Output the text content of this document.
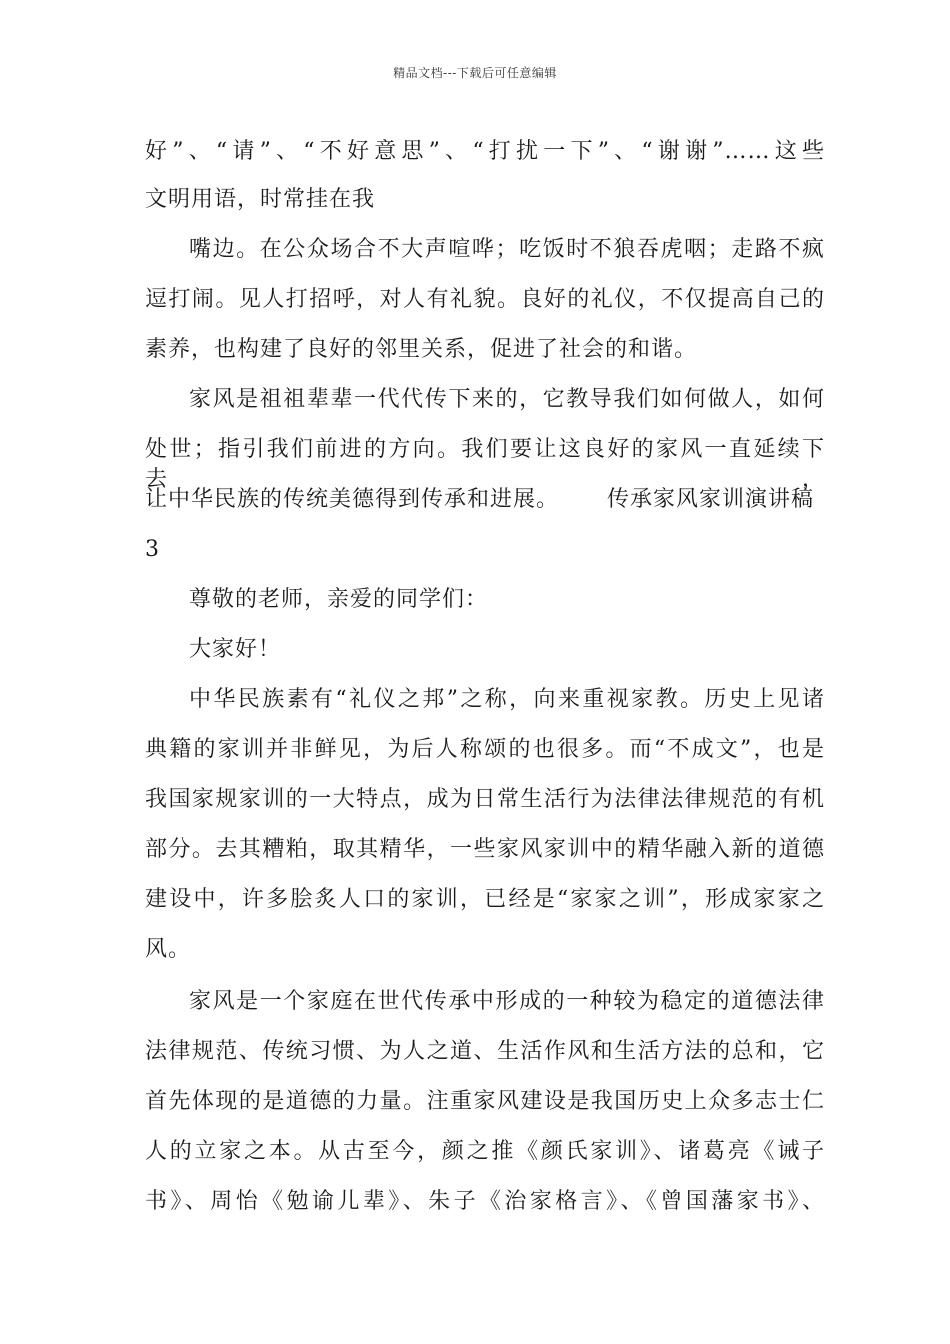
精品文档---下载后可任意编辑
好”、“请”、“不好意思”、“打扰一下”、“谢谢”……这些
文明用语，时常挂在我
嘴边。在公众场合不大声喧哗；吃饭时不狼吞虎咽；走路不疯
逗打闹。见人打招呼，对人有礼貌。良好的礼仪，不仅提高自己的
素养，也构建了良好的邻里关系，促进了社会的和谐。
家风是祖祖辈辈一代代传下来的，它教导我们如何做人，如何
处世；指引我们前进的方向。我们要让这良好的家风一直延续下去，
让中华民族的传统美德得到传承和进展。 传承家风家训演讲稿
3
尊敬的老师，亲爱的同学们：
大家好！
中华民族素有“礼仪之邦”之称，向来重视家教。历史上见诸
典籍的家训并非鲜见，为后人称颂的也很多。而“不成文”，也是
我国家规家训的一大特点，成为日常生活行为法律法律规范的有机
部分。去其糟粕，取其精华，一些家风家训中的精华融入新的道德
建设中，许多脍炙人口的家训，已经是“家家之训”，形成家家之
风。
家风是一个家庭在世代传承中形成的一种较为稳定的道德法律
法律规范、传统习惯、为人之道、生活作风和生活方法的总和，它
首先体现的是道德的力量。注重家风建设是我国历史上众多志士仁
人的立家之本。从古至今，颜之推《颜氏家训》、诸葛亮《诫子
书》、周怡《勉谕儿辈》、朱子《治家格言》、《曾国藩家书》、
